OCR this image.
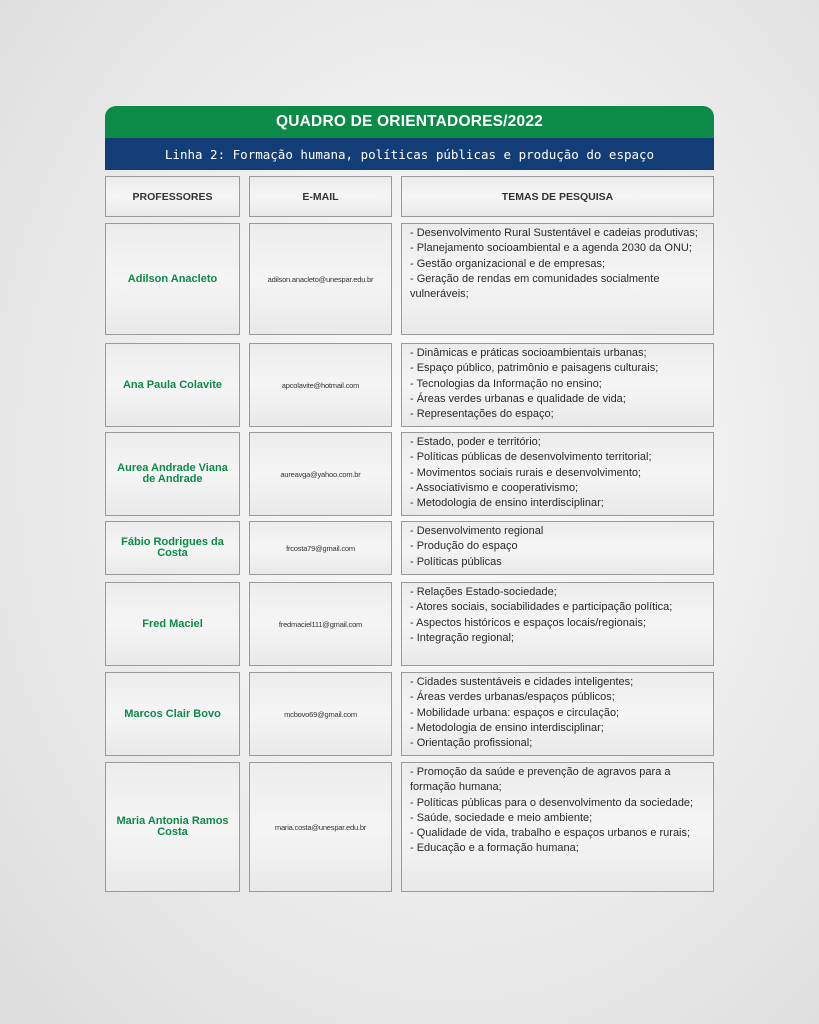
QUADRO DE ORIENTADORES/2022
Linha 2: Formação humana, políticas públicas e produção do espaço
PROFESSORES	E-MAIL	TEMAS DE PESQUISA
Adilson Anacleto	adilson.anacleto@unespar.edu.br
- Desenvolvimento Rural Sustentável e cadeias produtivas;
- Planejamento socioambiental e a agenda 2030 da ONU;
- Gestão organizacional e de empresas;
- Geração de rendas em comunidades socialmente vulneráveis;
Ana Paula Colavite	apcolavite@hotmail.com
- Dinâmicas e práticas socioambientais urbanas;
- Espaço público, patrimônio e paisagens culturais;
- Tecnologias da Informação no ensino;
- Áreas verdes urbanas e qualidade de vida;
- Representações do espaço;
Aurea Andrade Viana de Andrade	aureavga@yahoo.com.br
- Estado, poder e território;
- Políticas públicas de desenvolvimento territorial;
- Movimentos sociais rurais e desenvolvimento;
- Associativismo e cooperativismo;
- Metodologia de ensino interdisciplinar;
Fábio Rodrigues da Costa	frcosta79@gmail.com
- Desenvolvimento regional
- Produção do espaço
- Políticas públicas
Fred Maciel	fredmaciel111@gmail.com
- Relações Estado-sociedade;
- Atores sociais, sociabilidades e participação política;
- Aspectos históricos e espaços locais/regionais;
- Integração regional;
Marcos Clair Bovo	mcbovo69@gmail.com
- Cidades sustentáveis e cidades inteligentes;
- Áreas verdes urbanas/espaços públicos;
- Mobilidade urbana: espaços e circulação;
- Metodologia de ensino interdisciplinar;
- Orientação profissional;
Maria Antonia Ramos Costa	maria.costa@unespar.edu.br
- Promoção da saúde e prevenção de agravos para a formação humana;
- Políticas públicas para o desenvolvimento da sociedade;
- Saúde, sociedade e meio ambiente;
- Qualidade de vida, trabalho e espaços urbanos e rurais;
- Educação e a formação humana;
